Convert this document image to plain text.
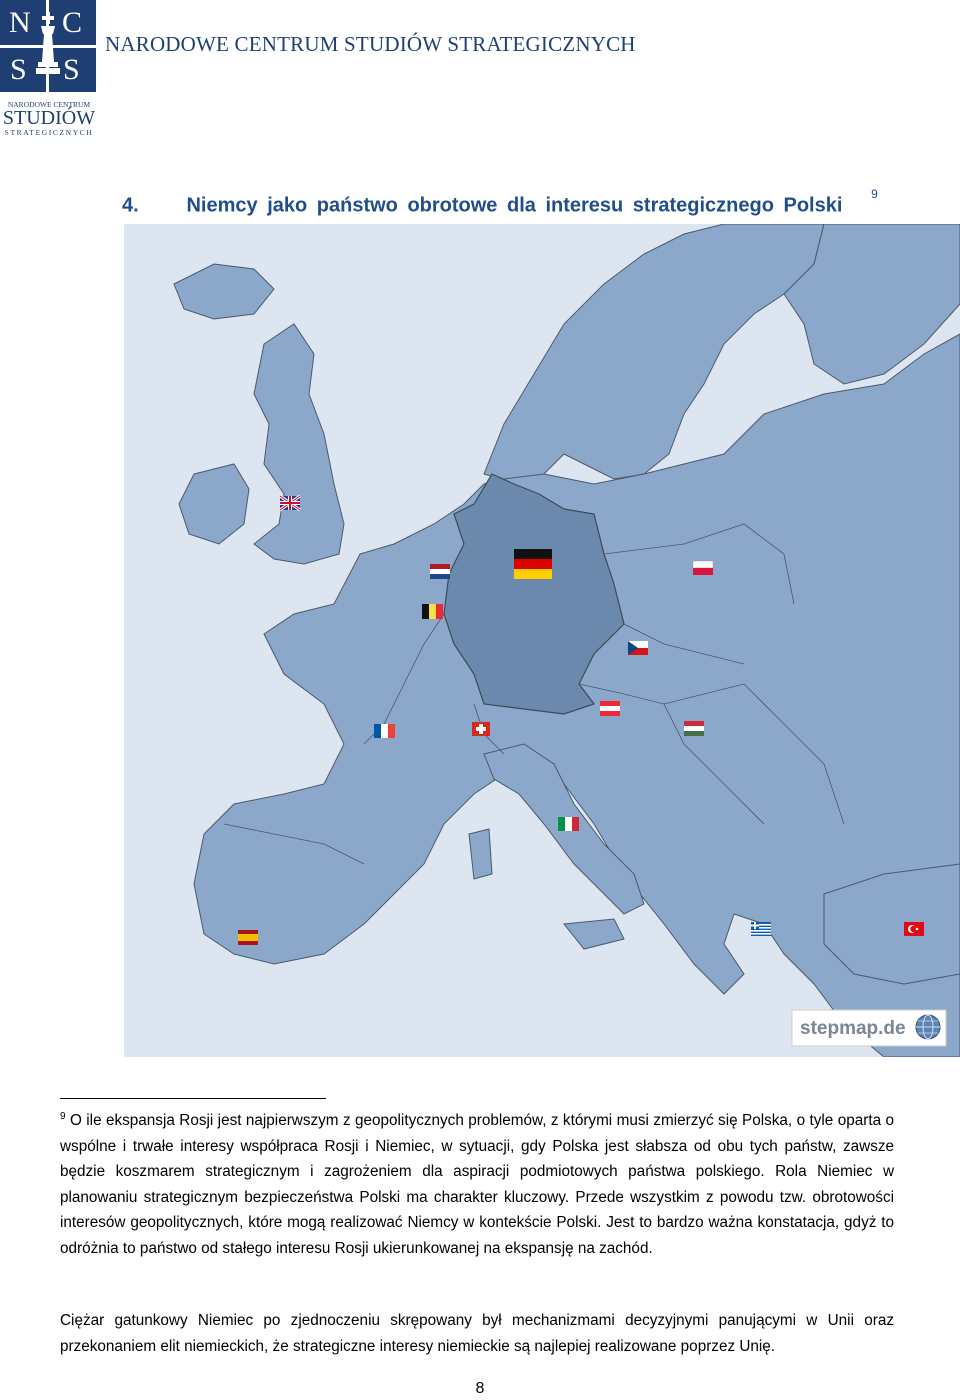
N C
S S
NARODOWE CENTRUM
STUDIÓW
STRATEGICZNYCH
NARODOWE CENTRUM STUDIÓW STRATEGICZNYCH
4. Niemcy jako państwo obrotowe dla interesu strategicznego Polski   $^9$
stepmap.de
$^9$ O ile ekspansja Rosji jest najpierwszym z geopolitycznych problemów, z którymi musi zmierzyć się Polska, o tyle oparta o wspólne i trwałe interesy współpraca Rosji i Niemiec, w sytuacji, gdy Polska jest słabsza od obu tych państw, zawsze będzie koszmarem strategicznym i zagrożeniem dla aspiracji podmiotowych państwa polskiego. Rola Niemiec w planowaniu strategicznym bezpieczeństwa Polski ma charakter kluczowy. Przede wszystkim z powodu tzw. obrotowości interesów geopolitycznych, które mogą realizować Niemcy w kontekście Polski. Jest to bardzo ważna konstatacja, gdyż to odróżnia to państwo od stałego interesu Rosji ukierunkowanej na ekspansję na zachód.
Ciężar gatunkowy Niemiec po zjednoczeniu skrępowany był mechanizmami decyzyjnymi panującymi w Unii oraz przekonaniem elit niemieckich, że strategiczne interesy niemieckie są najlepiej realizowane poprzez Unię.
8
